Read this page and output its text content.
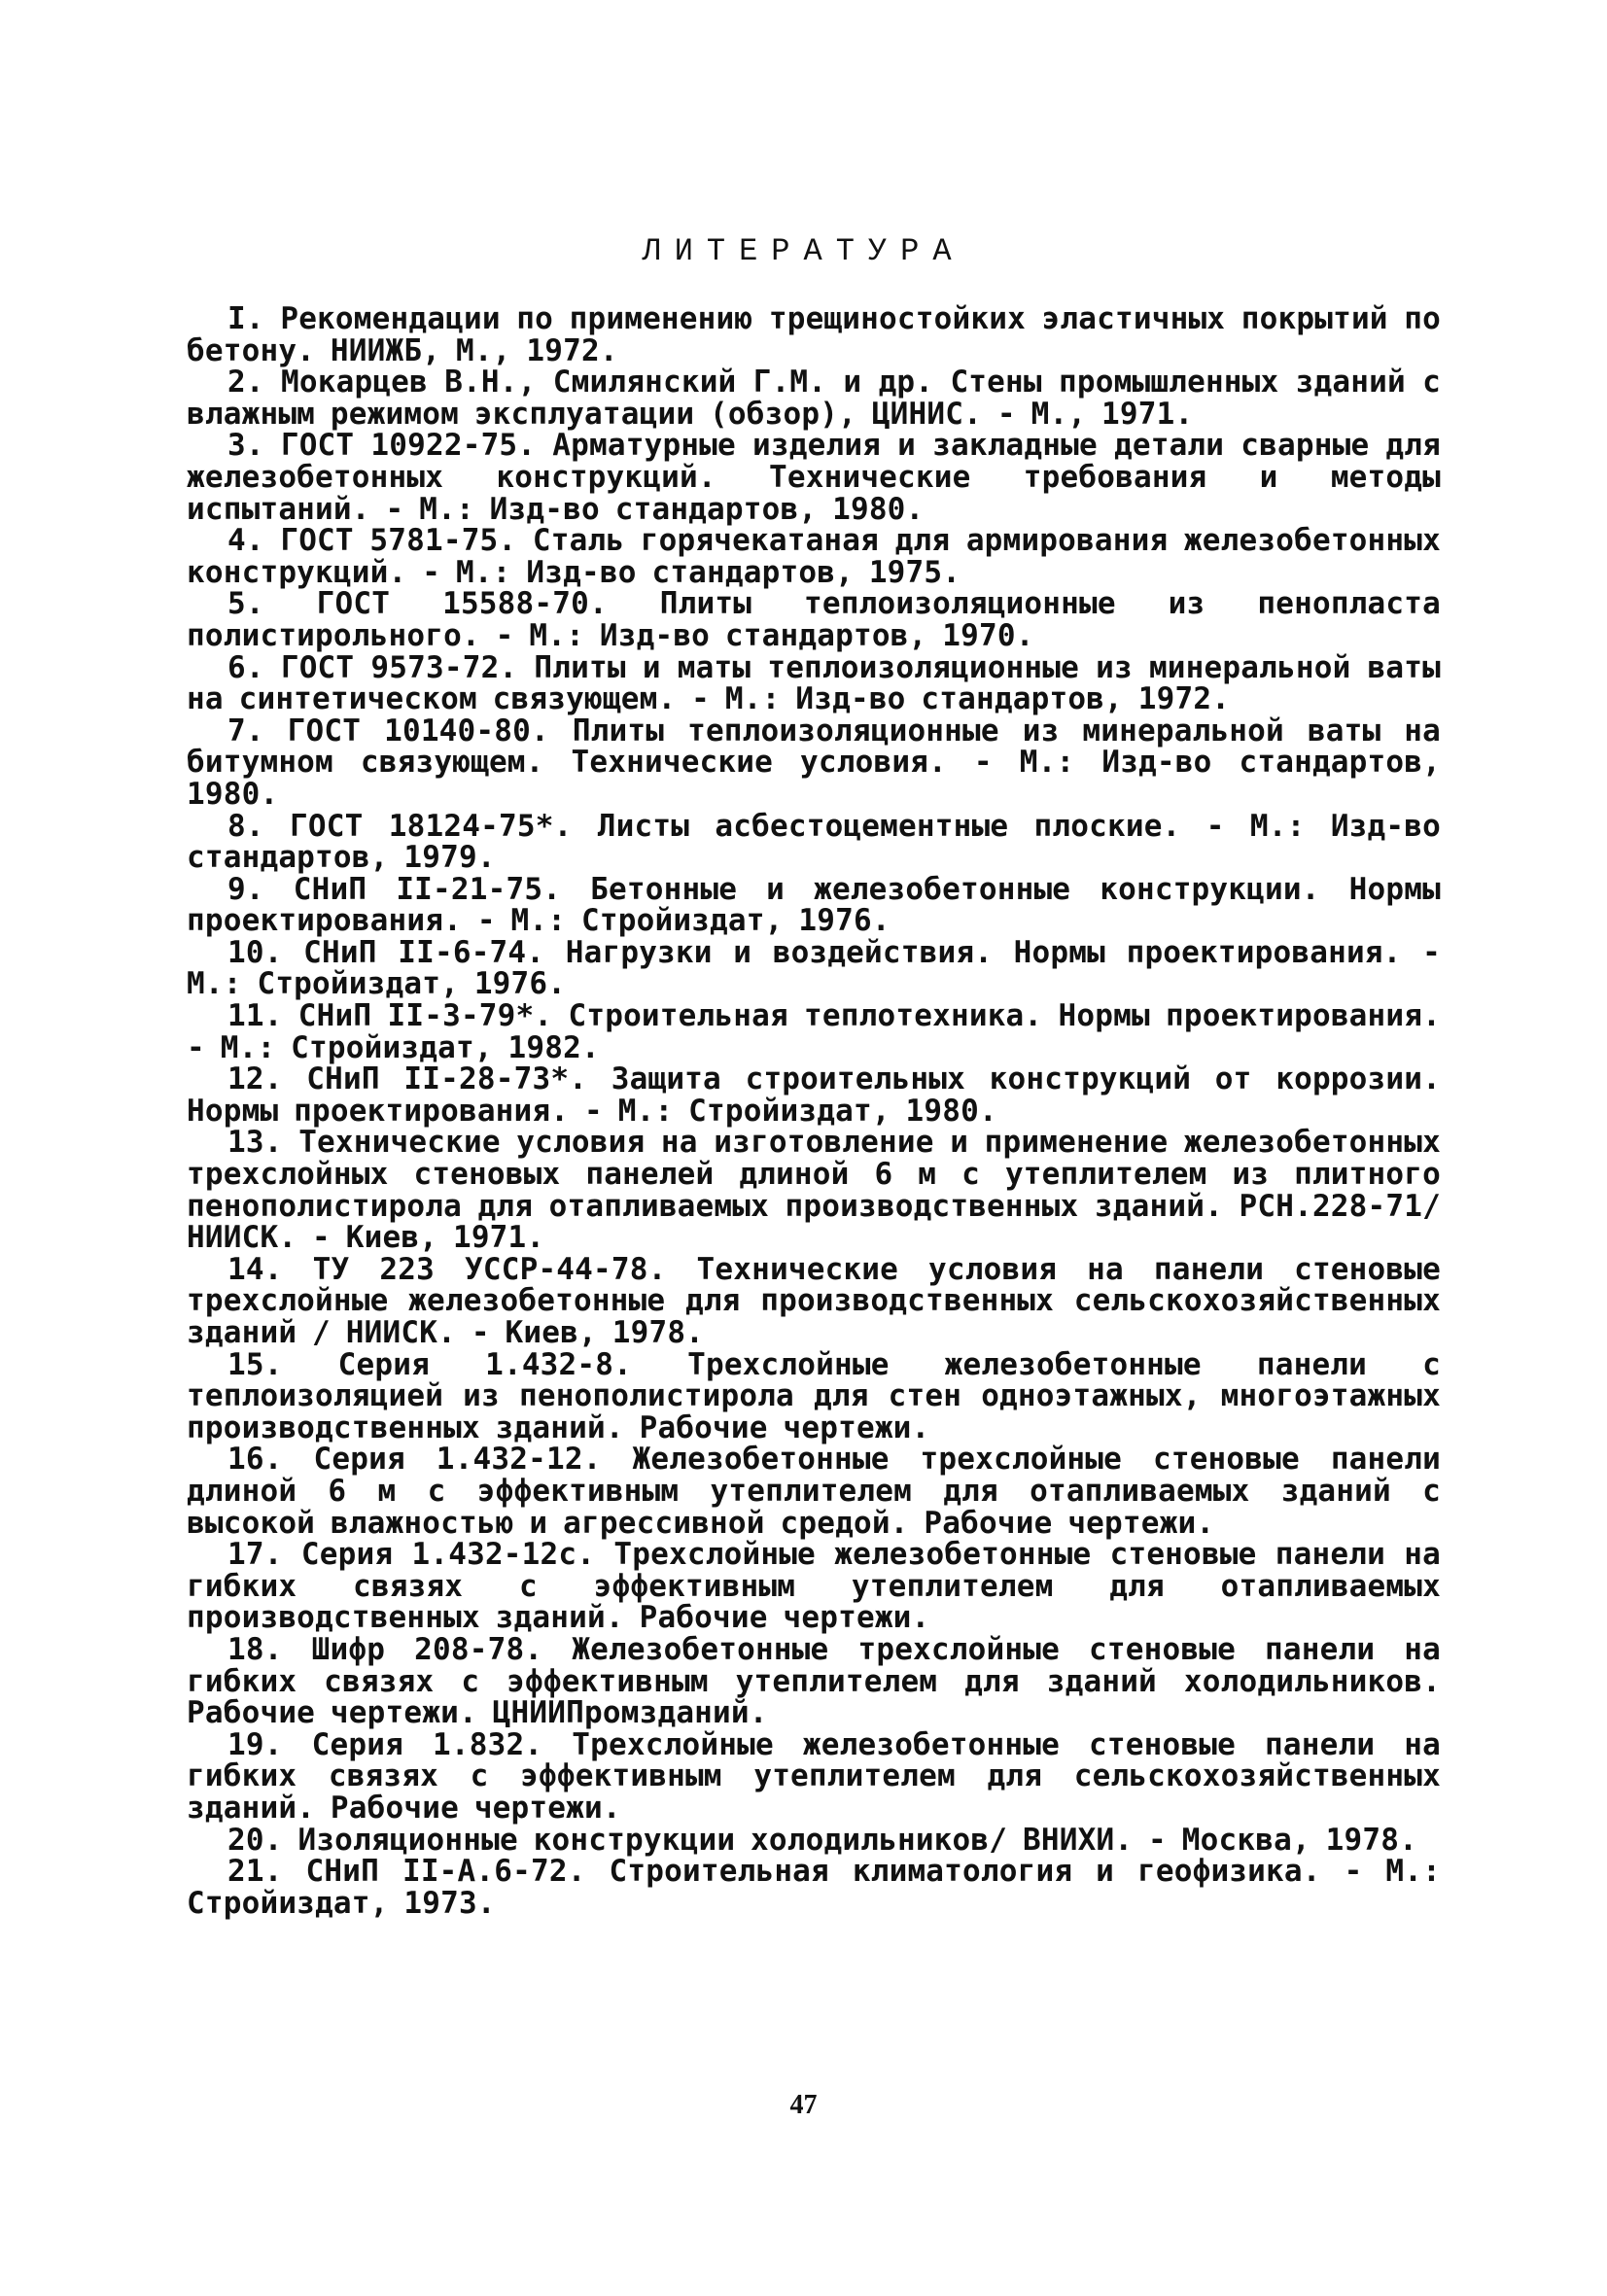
ЛИТЕРАТУРА
I. Рекомендации по применению трещиностойких эластичных покрытий по бетону. НИИЖБ, М., 1972.
2. Мокарцев В.Н., Смилянский Г.М. и др. Стены промышленных зданий с влажным режимом эксплуатации (обзор), ЦИНИС. - М., 1971.
3. ГОСТ 10922-75. Арматурные изделия и закладные детали сварные для железобетонных конструкций. Технические требования и методы испытаний. - М.: Изд-во стандартов, 1980.
4. ГОСТ 5781-75. Сталь горячекатаная для армирования железобетонных конструкций. - М.: Изд-во стандартов, 1975.
5. ГОСТ 15588-70. Плиты теплоизоляционные из пенопласта полистирольного. - М.: Изд-во стандартов, 1970.
6. ГОСТ 9573-72. Плиты и маты теплоизоляционные из минеральной ваты на синтетическом связующем. - М.: Изд-во стандартов, 1972.
7. ГОСТ 10140-80. Плиты теплоизоляционные из минеральной ваты на битумном связующем. Технические условия. - М.: Изд-во стандартов, 1980.
8. ГОСТ 18124-75*. Листы асбестоцементные плоские. - М.: Изд-во стандартов, 1979.
9. СНиП II-21-75. Бетонные и железобетонные конструкции. Нормы проектирования. - М.: Стройиздат, 1976.
10. СНиП II-6-74. Нагрузки и воздействия. Нормы проектирования. - М.: Стройиздат, 1976.
11. СНиП II-3-79*. Строительная теплотехника. Нормы проектирования. - М.: Стройиздат, 1982.
12. СНиП II-28-73*. Защита строительных конструкций от коррозии. Нормы проектирования. - М.: Стройиздат, 1980.
13. Технические условия на изготовление и применение железобетонных трехслойных стеновых панелей длиной 6 м с утеплителем из плитного пенополистирола для отапливаемых производственных зданий. РСН.228-71/НИИСК. - Киев, 1971.
14. ТУ 223 УССР-44-78. Технические условия на панели стеновые трехслойные железобетонные для производственных сельскохозяйственных зданий / НИИСК. - Киев, 1978.
15. Серия 1.432-8. Трехслойные железобетонные панели с теплоизоляцией из пенополистирола для стен одноэтажных, многоэтажных производственных зданий. Рабочие чертежи.
16. Серия 1.432-12. Железобетонные трехслойные стеновые панели длиной 6 м с эффективным утеплителем для отапливаемых зданий с высокой влажностью и агрессивной средой. Рабочие чертежи.
17. Серия 1.432-12с. Трехслойные железобетонные стеновые панели на гибких связях с эффективным утеплителем для отапливаемых производственных зданий. Рабочие чертежи.
18. Шифр 208-78. Железобетонные трехслойные стеновые панели на гибких связях с эффективным утеплителем для зданий холодильников. Рабочие чертежи. ЦНИИПромзданий.
19. Серия 1.832. Трехслойные железобетонные стеновые панели на гибких связях с эффективным утеплителем для сельскохозяйственных зданий. Рабочие чертежи.
20. Изоляционные конструкции холодильников/ ВНИХИ. - Москва, 1978.
21. СНиП II-А.6-72. Строительная климатология и геофизика. - М.: Стройиздат, 1973.
47
